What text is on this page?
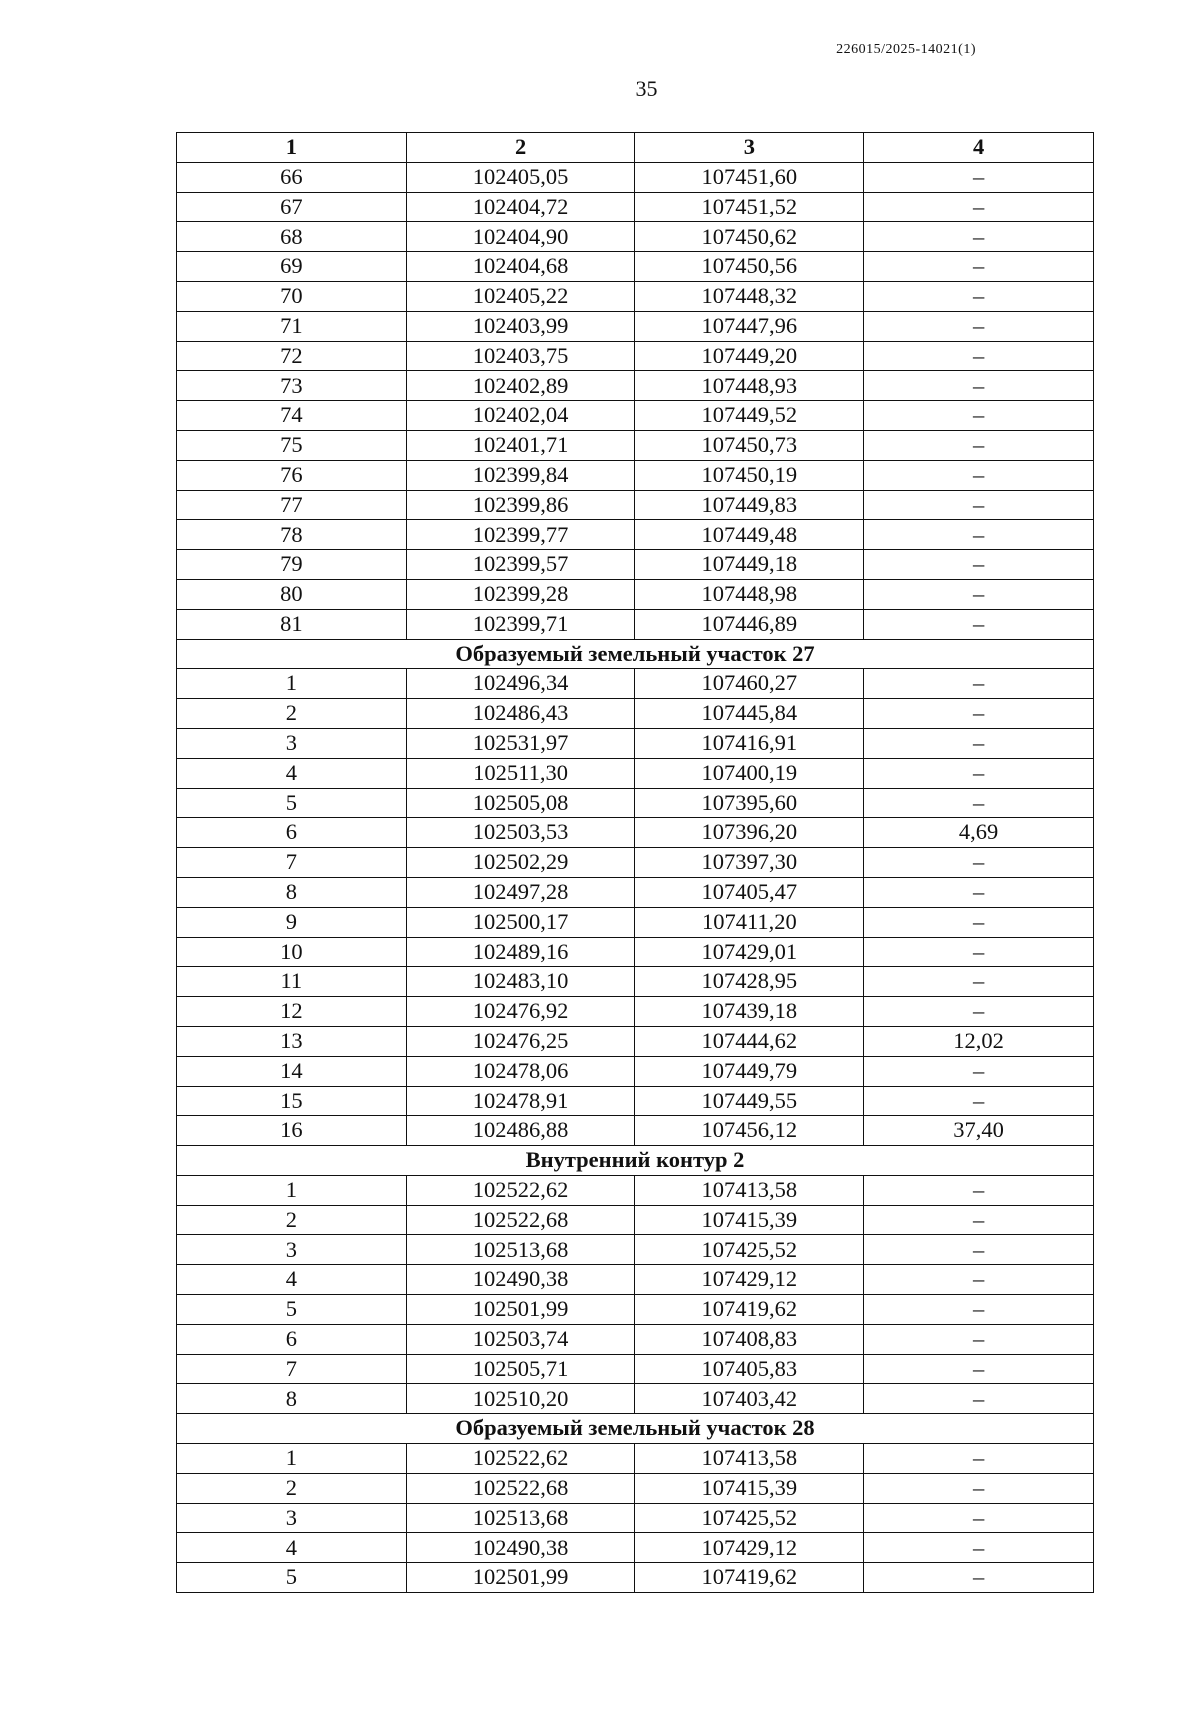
226015/2025-14021(1)
35
1	2	3	4
66	102405,05	107451,60	–
67	102404,72	107451,52	–
68	102404,90	107450,62	–
69	102404,68	107450,56	–
70	102405,22	107448,32	–
71	102403,99	107447,96	–
72	102403,75	107449,20	–
73	102402,89	107448,93	–
74	102402,04	107449,52	–
75	102401,71	107450,73	–
76	102399,84	107450,19	–
77	102399,86	107449,83	–
78	102399,77	107449,48	–
79	102399,57	107449,18	–
80	102399,28	107448,98	–
81	102399,71	107446,89	–
Образуемый земельный участок 27			
1	102496,34	107460,27	–
2	102486,43	107445,84	–
3	102531,97	107416,91	–
4	102511,30	107400,19	–
5	102505,08	107395,60	–
6	102503,53	107396,20	4,69
7	102502,29	107397,30	–
8	102497,28	107405,47	–
9	102500,17	107411,20	–
10	102489,16	107429,01	–
11	102483,10	107428,95	–
12	102476,92	107439,18	–
13	102476,25	107444,62	12,02
14	102478,06	107449,79	–
15	102478,91	107449,55	–
16	102486,88	107456,12	37,40
Внутренний контур 2			
1	102522,62	107413,58	–
2	102522,68	107415,39	–
3	102513,68	107425,52	–
4	102490,38	107429,12	–
5	102501,99	107419,62	–
6	102503,74	107408,83	–
7	102505,71	107405,83	–
8	102510,20	107403,42	–
Образуемый земельный участок 28			
1	102522,62	107413,58	–
2	102522,68	107415,39	–
3	102513,68	107425,52	–
4	102490,38	107429,12	–
5	102501,99	107419,62	–
